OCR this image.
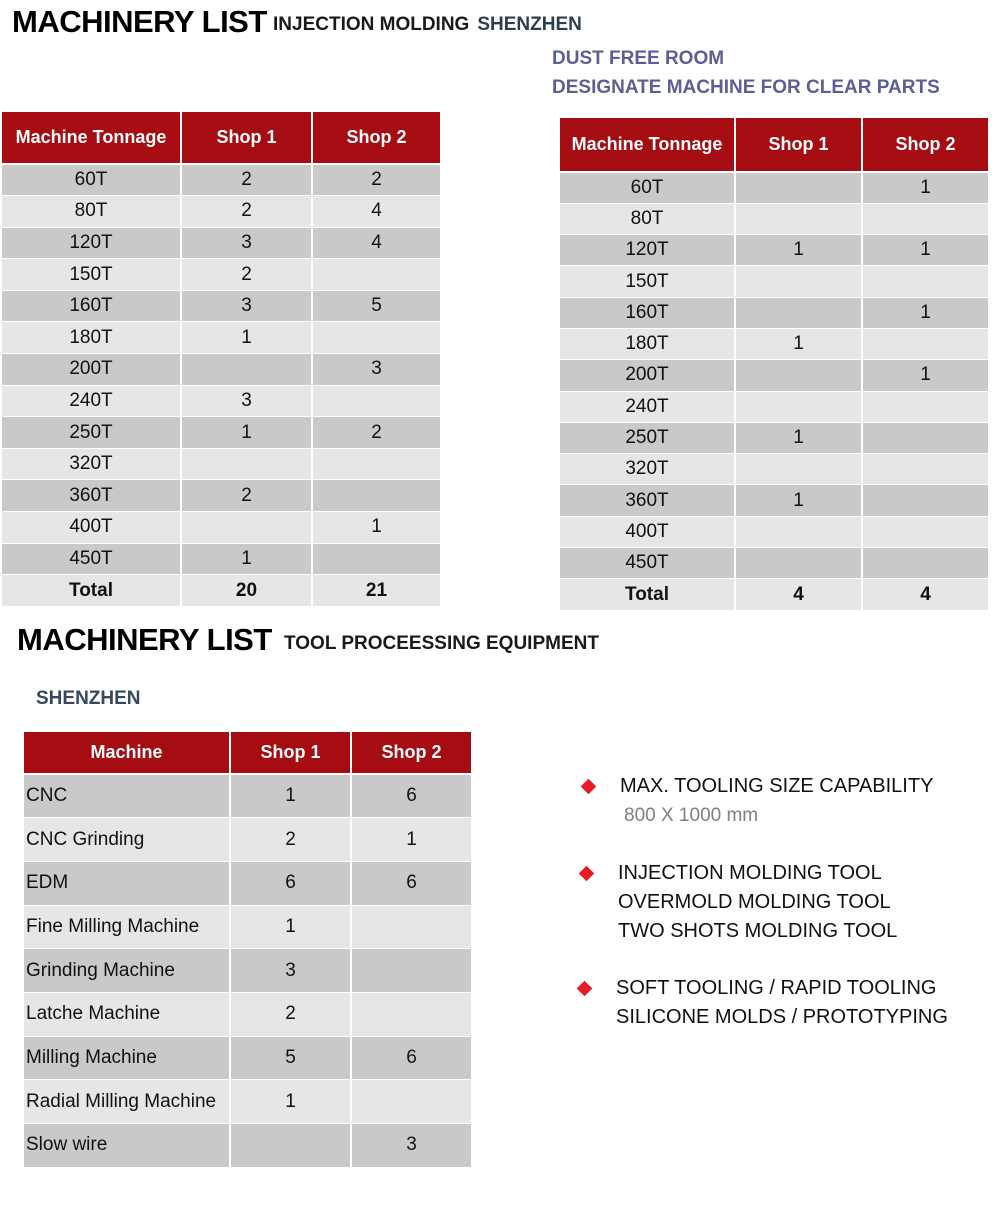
MACHINERY LIST INJECTION MOLDING SHENZHEN
DUST FREE ROOM
DESIGNATE MACHINE FOR CLEAR PARTS
Machine Tonnage	Shop 1	Shop 2
60T	2	2
80T	2	4
120T	3	4
150T	2	
160T	3	5
180T	1	
200T		3
240T	3	
250T	1	2
320T		
360T	2	
400T		1
450T	1	
Total	20	21
Machine Tonnage	Shop 1	Shop 2
60T		1
80T		
120T	1	1
150T		
160T		1
180T	1	
200T		1
240T		
250T	1	
320T		
360T	1	
400T		
450T		
Total	4	4
MACHINERY LIST TOOL PROCEESSING EQUIPMENT
SHENZHEN
Machine	Shop 1	Shop 2
CNC	1	6
CNC Grinding	2	1
EDM	6	6
Fine Milling Machine	1	
Grinding Machine	3	
Latche Machine	2	
Milling Machine	5	6
Radial Milling Machine	1	
Slow wire		3
MAX. TOOLING SIZE CAPABILITY
800 X 1000 mm
INJECTION MOLDING TOOL
OVERMOLD MOLDING TOOL
TWO SHOTS MOLDING TOOL
SOFT TOOLING / RAPID TOOLING
SILICONE MOLDS / PROTOTYPING
